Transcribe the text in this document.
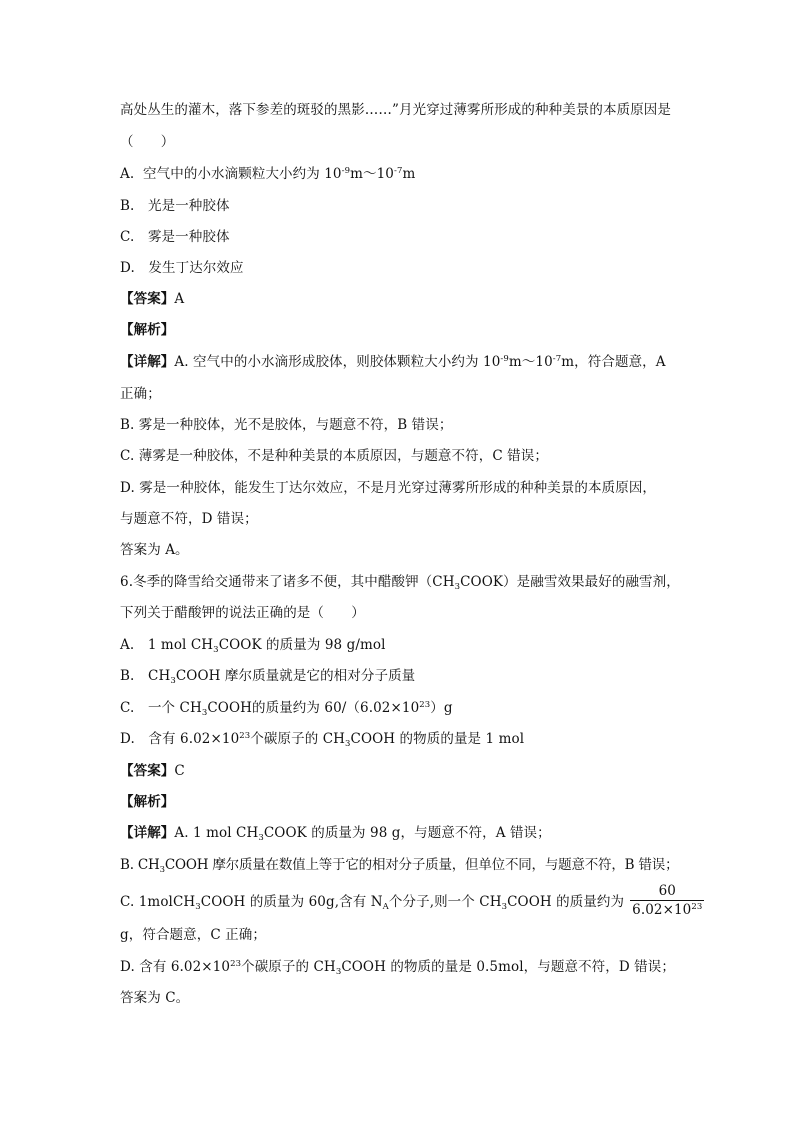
高处丛生的灌木，落下参差的斑驳的黑影……”月光穿过薄雾所形成的种种美景的本质原因是
（　　）
A. 空气中的小水滴颗粒大小约为 $10^{-9}m\sim 10^{-7}m$
B.　光是一种胶体
C.　雾是一种胶体
D.　发生丁达尔效应
【答案】A
【解析】
【详解】A. 空气中的小水滴形成胶体，则胶体颗粒大小约为 $10^{-9}m\sim 10^{-7}m$，符合题意，A
正确；
B. 雾是一种胶体，光不是胶体，与题意不符，B 错误；
C. 薄雾是一种胶体，不是种种美景的本质原因，与题意不符，C 错误；
D. 雾是一种胶体，能发生丁达尔效应，不是月光穿过薄雾所形成的种种美景的本质原因，
与题意不符，D 错误；
答案为 A。
6.冬季的降雪给交通带来了诸多不便，其中醋酸钾$(CH_3COOK)$是融雪效果最好的融雪剂，
下列关于醋酸钾的说法正确的是（　　）
A.　1 mol $CH_3COOK$ 的质量为 98 g/mol
B.　$CH_3COOH$ 摩尔质量就是它的相对分子质量
C.　一个 $CH_3COOH$的质量约为 $60/(6.02\times 10^{23})g$
D.　含有 $6.02\times 10^{23}$个碳原子的 $CH_3COOH$ 的物质的量是 1 mol
【答案】C
【解析】
【详解】A. 1 mol $CH_3COOK$ 的质量为 98 g，与题意不符，A 错误；
B. $CH_3COOH$ 摩尔质量在数值上等于它的相对分子质量，但单位不同，与题意不符，B 错误；
C. 1molCH$_3$COOH 的质量为 60g,含有 $N_A$个分子,则一个 $CH_3COOH$ 的质量约为 $\frac{60}{6.02\times 10^{23}}$
g，符合题意，C 正确；
D. 含有 $6.02\times 10^{23}$个碳原子的 $CH_3COOH$ 的物质的量是 0.5mol，与题意不符，D 错误；
答案为 C。
